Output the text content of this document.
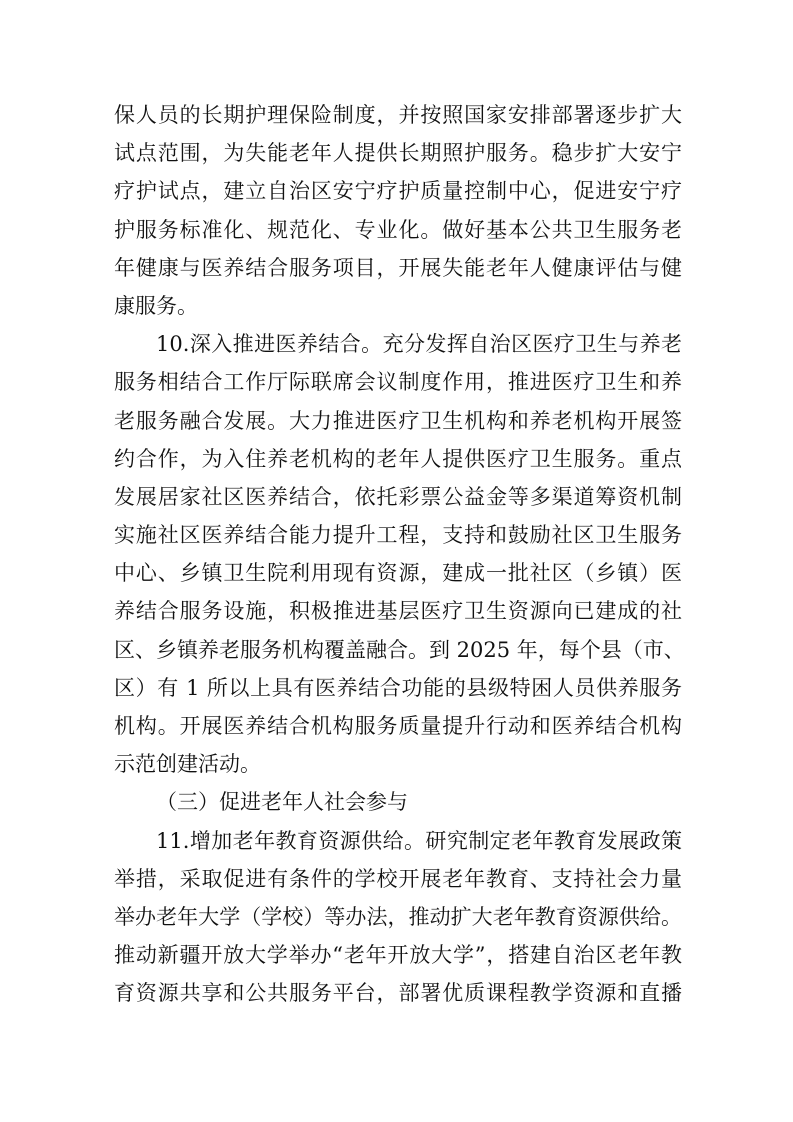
保人员的长期护理保险制度，并按照国家安排部署逐步扩大
试点范围，为失能老年人提供长期照护服务。稳步扩大安宁
疗护试点，建立自治区安宁疗护质量控制中心，促进安宁疗
护服务标准化、规范化、专业化。做好基本公共卫生服务老
年健康与医养结合服务项目，开展失能老年人健康评估与健
康服务。
10.深入推进医养结合。充分发挥自治区医疗卫生与养老
服务相结合工作厅际联席会议制度作用，推进医疗卫生和养
老服务融合发展。大力推进医疗卫生机构和养老机构开展签
约合作，为入住养老机构的老年人提供医疗卫生服务。重点
发展居家社区医养结合，依托彩票公益金等多渠道筹资机制
实施社区医养结合能力提升工程，支持和鼓励社区卫生服务
中心、乡镇卫生院利用现有资源，建成一批社区（乡镇）医
养结合服务设施，积极推进基层医疗卫生资源向已建成的社
区、乡镇养老服务机构覆盖融合。到 2025 年，每个县（市、
区）有 1 所以上具有医养结合功能的县级特困人员供养服务
机构。开展医养结合机构服务质量提升行动和医养结合机构
示范创建活动。
（三）促进老年人社会参与
11.增加老年教育资源供给。研究制定老年教育发展政策
举措，采取促进有条件的学校开展老年教育、支持社会力量
举办老年大学（学校）等办法，推动扩大老年教育资源供给。
推动新疆开放大学举办“老年开放大学”，搭建自治区老年教
育资源共享和公共服务平台，部署优质课程教学资源和直播
